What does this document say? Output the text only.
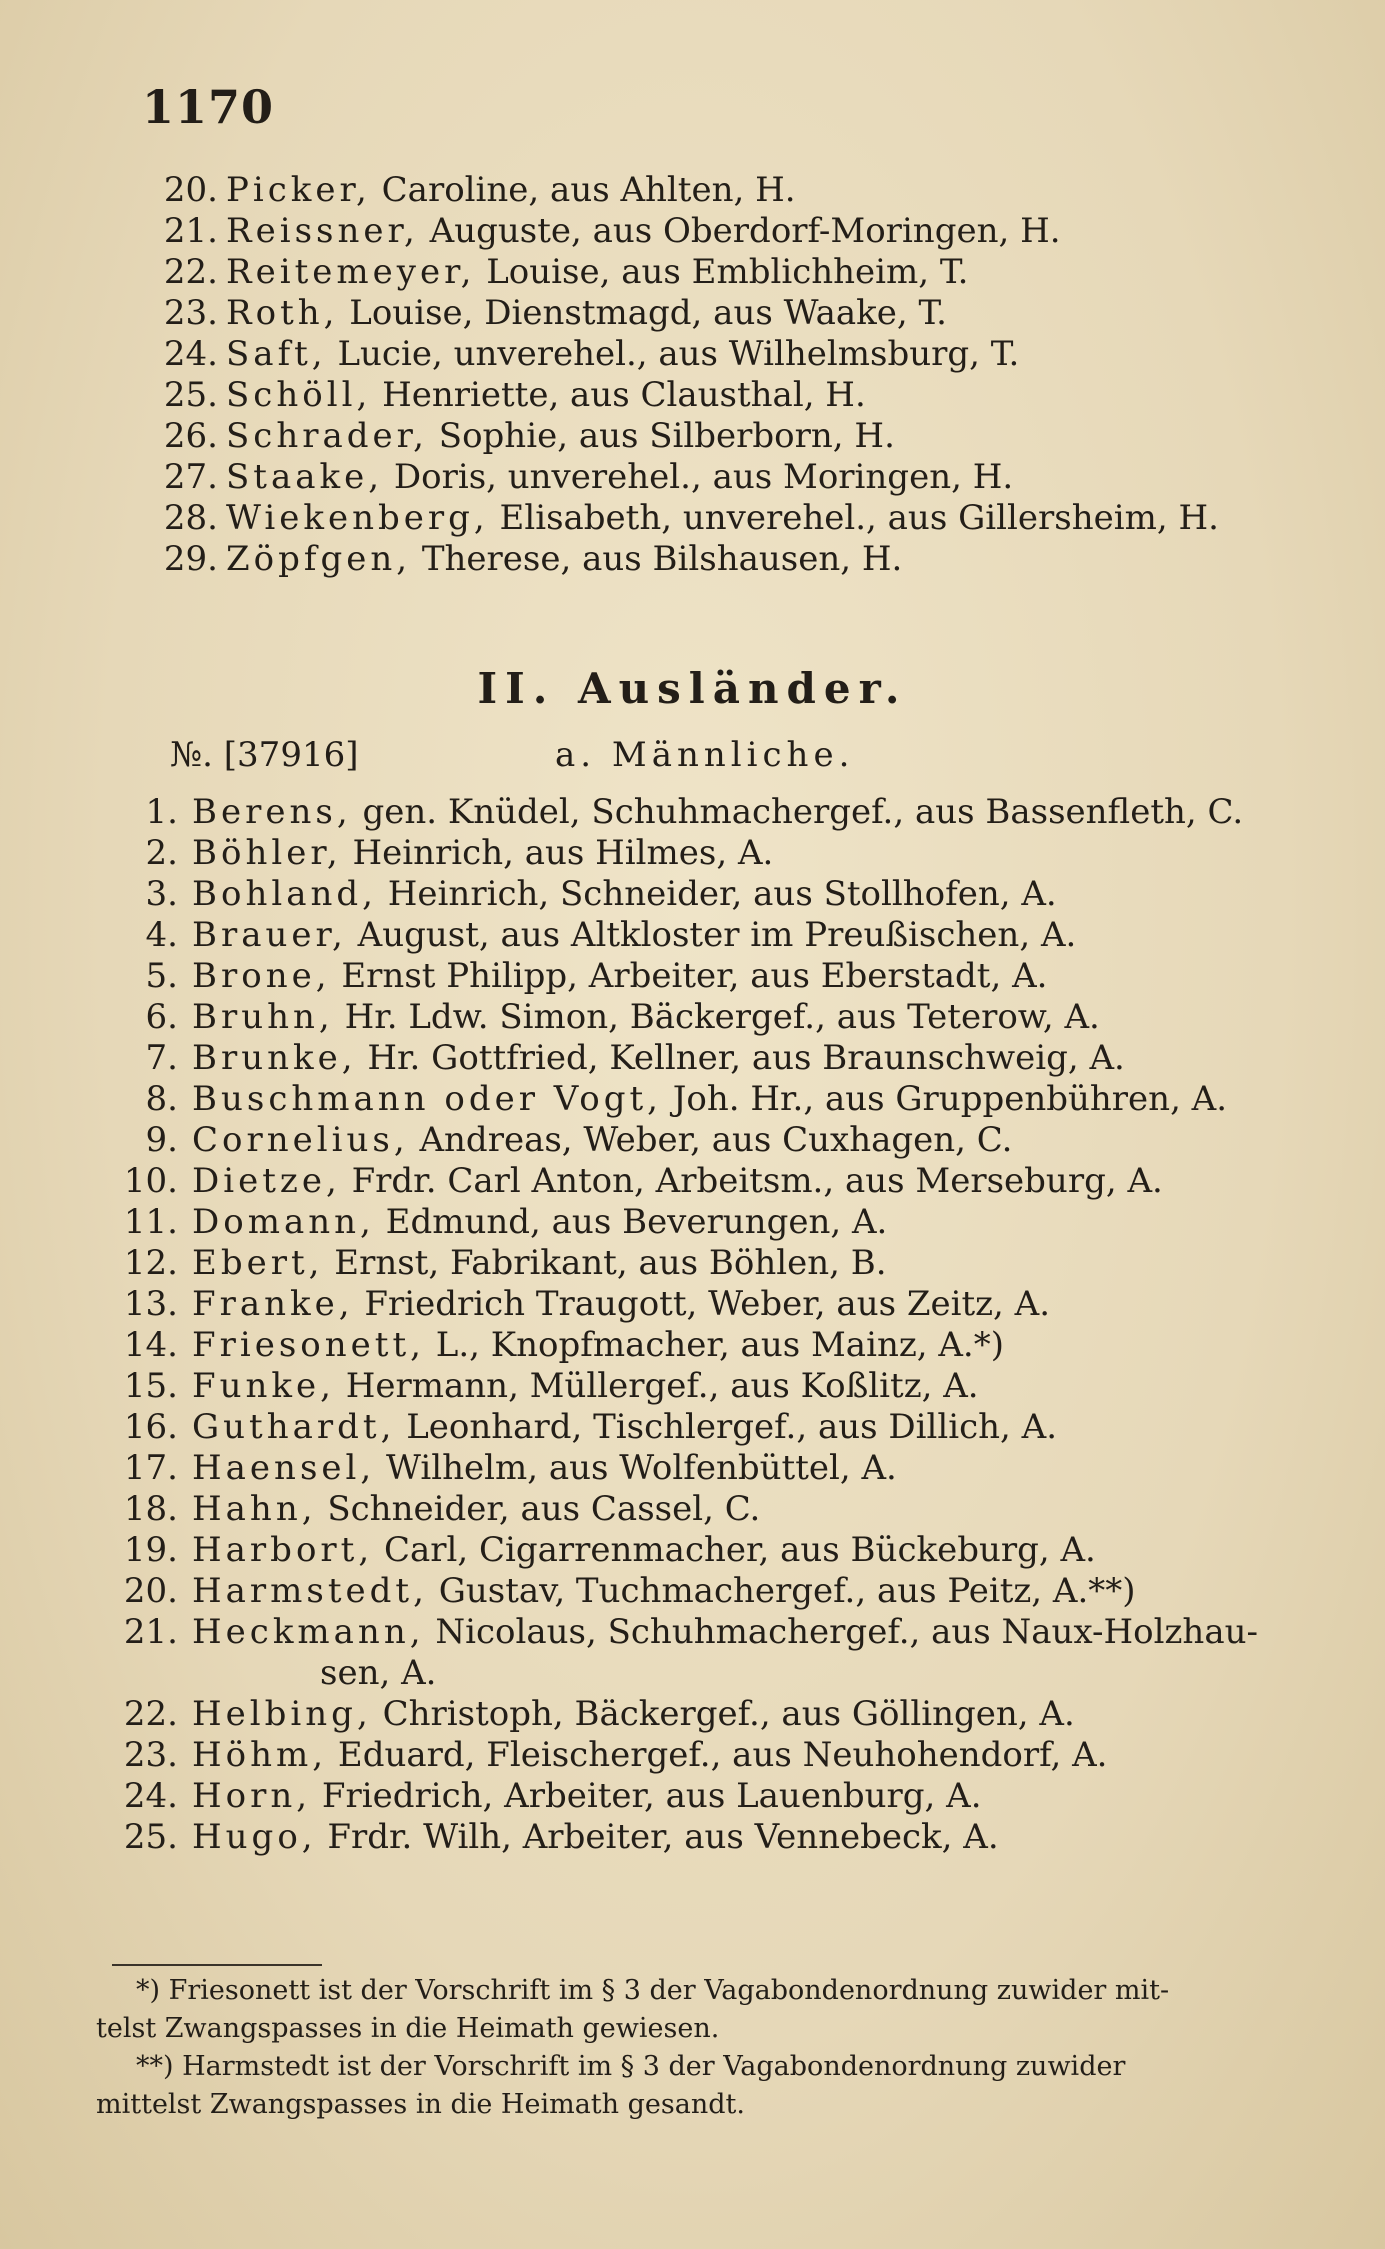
1170
20. Picker, Caroline, aus Ahlten, H.
21. Reissner, Auguste, aus Oberdorf-Moringen, H.
22. Reitemeyer, Louise, aus Emblichheim, T.
23. Roth, Louise, Dienstmagd, aus Waake, T.
24. Saft, Lucie, unverehel., aus Wilhelmsburg, T.
25. Schöll, Henriette, aus Clausthal, H.
26. Schrader, Sophie, aus Silberborn, H.
27. Staake, Doris, unverehel., aus Moringen, H.
28. Wiekenberg, Elisabeth, unverehel., aus Gillersheim, H.
29. Zöpfgen, Therese, aus Bilshausen, H.
II. Ausländer.
№. [37916]	a. Männliche.
1. Berens, gen. Knüdel, Schuhmachergef., aus Bassenfleth, C.
2. Böhler, Heinrich, aus Hilmes, A.
3. Bohland, Heinrich, Schneider, aus Stollhofen, A.
4. Brauer, August, aus Altkloster im Preußischen, A.
5. Brone, Ernst Philipp, Arbeiter, aus Eberstadt, A.
6. Bruhn, Hr. Ldw. Simon, Bäckergef., aus Teterow, A.
7. Brunke, Hr. Gottfried, Kellner, aus Braunschweig, A.
8. Buschmann oder Vogt, Joh. Hr., aus Gruppenbühren, A.
9. Cornelius, Andreas, Weber, aus Cuxhagen, C.
10. Dietze, Frdr. Carl Anton, Arbeitsm., aus Merseburg, A.
11. Domann, Edmund, aus Beverungen, A.
12. Ebert, Ernst, Fabrikant, aus Böhlen, B.
13. Franke, Friedrich Traugott, Weber, aus Zeitz, A.
14. Friesonett, L., Knopfmacher, aus Mainz, A.*)
15. Funke, Hermann, Müllergef., aus Koßlitz, A.
16. Guthardt, Leonhard, Tischlergef., aus Dillich, A.
17. Haensel, Wilhelm, aus Wolfenbüttel, A.
18. Hahn, Schneider, aus Cassel, C.
19. Harbort, Carl, Cigarrenmacher, aus Bückeburg, A.
20. Harmstedt, Gustav, Tuchmachergef., aus Peitz, A.**)
21. Heckmann, Nicolaus, Schuhmachergef., aus Naux-Holzhau-
sen, A.
22. Helbing, Christoph, Bäckergef., aus Göllingen, A.
23. Höhm, Eduard, Fleischergef., aus Neuhohendorf, A.
24. Horn, Friedrich, Arbeiter, aus Lauenburg, A.
25. Hugo, Frdr. Wilh, Arbeiter, aus Vennebeck, A.
*) Friesonett ist der Vorschrift im § 3 der Vagabondenordnung zuwider mit-
telst Zwangspasses in die Heimath gewiesen.
**) Harmstedt ist der Vorschrift im § 3 der Vagabondenordnung zuwider
mittelst Zwangspasses in die Heimath gesandt.
